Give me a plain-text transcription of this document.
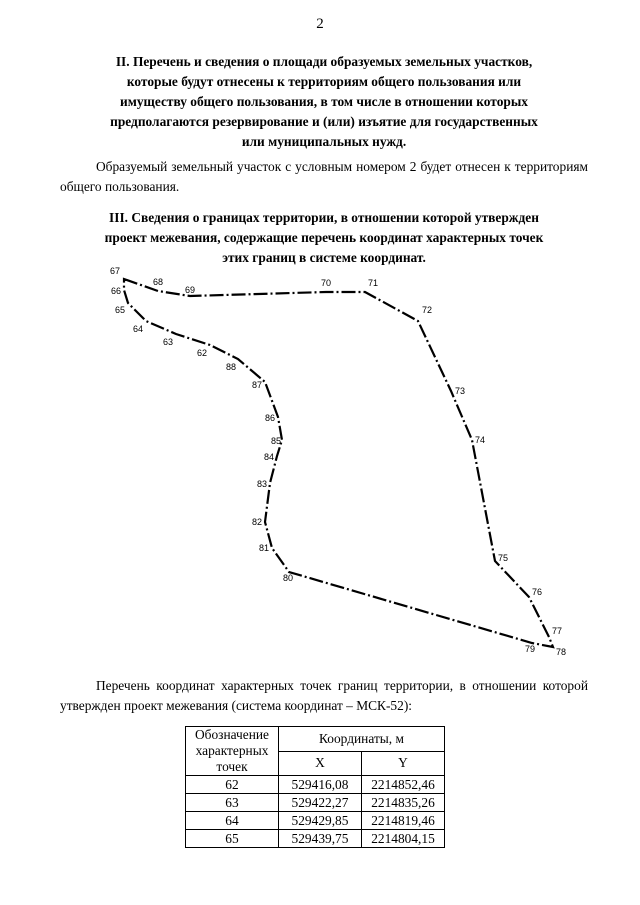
2
II. Перечень и сведения о площади образуемых земельных участков,
которые будут отнесены к территориям общего пользования или
имуществу общего пользования, в том числе в отношении которых
предполагаются резервирование и (или) изъятие для государственных
или муниципальных нужд.

Образуемый земельный участок с условным номером 2 будет отнесен к территориям общего пользования.

III. Сведения о границах территории, в отношении которой утвержден
проект межевания, содержащие перечень координат характерных точек
этих границ в системе координат.
67
68
69
70	71
72
73
74
75
76
77
78
79
80
81
82
83
84
85
86
87
88
62
63
64
65
66

Перечень координат характерных точек границ территории, в отношении которой утвержден проект межевания (система координат – МСК-52):

Обозначение
характерных
точек	Координаты, м	
	X	Y
62	529416,08	2214852,46
63	529422,27	2214835,26
64	529429,85	2214819,46
65	529439,75	2214804,15
